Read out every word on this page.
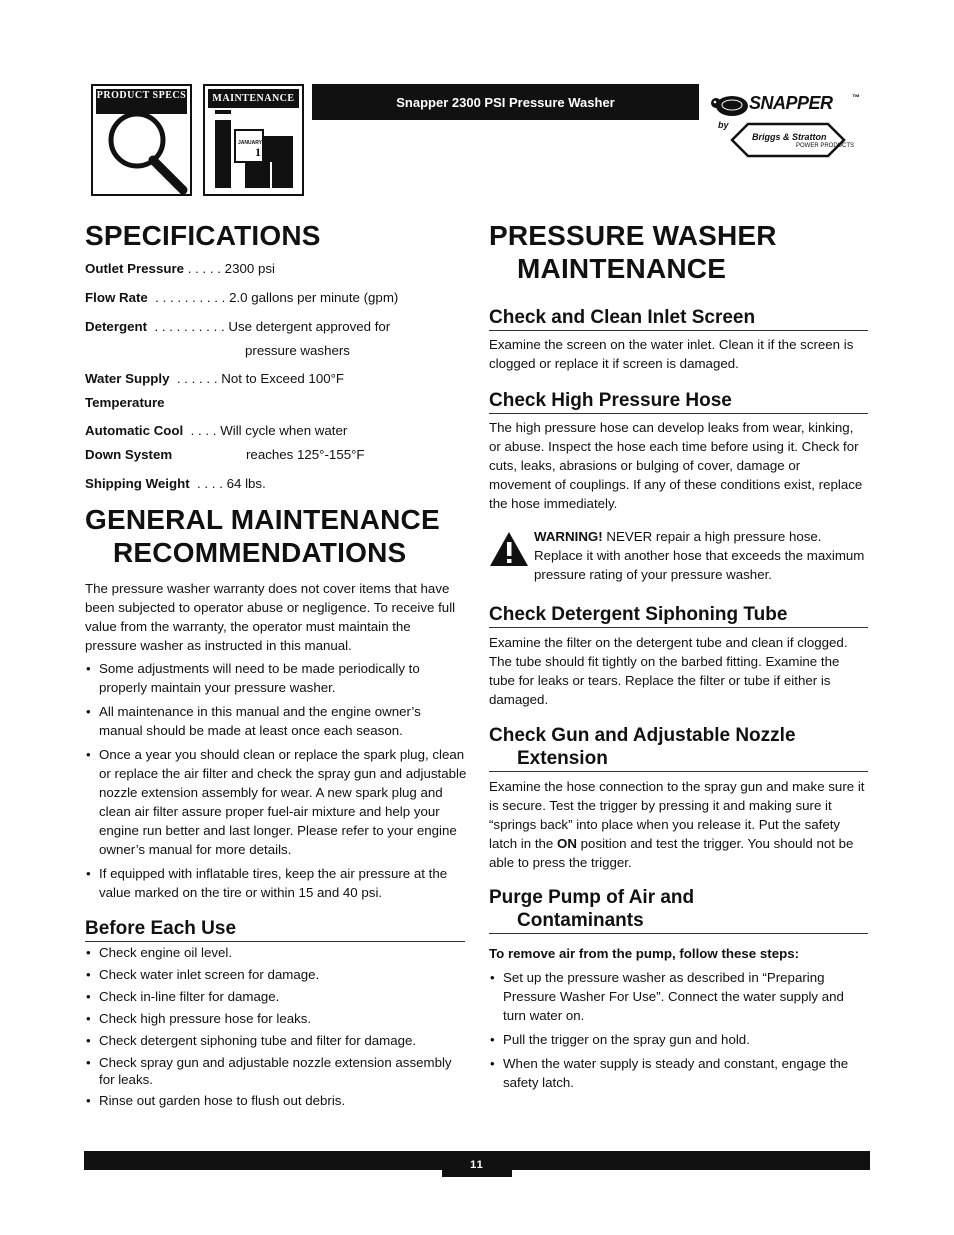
PRODUCT SPECS	MAINTENANCE
JANUARY
1
Snapper 2300 PSI Pressure Washer	SNAPPER ™
by
Briggs & Stratton
POWER PRODUCTS
SPECIFICATIONS
Outlet Pressure . . . . . 2300 psi
Flow Rate  . . . . . . . . . . 2.0 gallons per minute (gpm)
Detergent  . . . . . . . . . . Use detergent approved for
pressure washers
Water Supply  . . . . . . Not to Exceed 100°F
Temperature
Automatic Cool  . . . . Will cycle when water
Down System	reaches 125°-155°F
Shipping Weight  . . . . 64 lbs.
GENERAL MAINTENANCE
RECOMMENDATIONS

The pressure washer warranty does not cover items that have been subjected to operator abuse or negligence. To receive full value from the warranty, the operator must maintain the pressure washer as instructed in this manual.

• Some adjustments will need to be made periodically to properly maintain your pressure washer.
• All maintenance in this manual and the engine owner’s manual should be made at least once each season.
• Once a year you should clean or replace the spark plug, clean or replace the air filter and check the spray gun and adjustable nozzle extension assembly for wear. A new spark plug and clean air filter assure proper fuel-air mixture and help your engine run better and last longer. Please refer to your engine owner’s manual for more details.
• If equipped with inflatable tires, keep the air pressure at the value marked on the tire or within 15 and 40 psi.
Before Each Use
• Check engine oil level.
• Check water inlet screen for damage.
• Check in-line filter for damage.
• Check high pressure hose for leaks.
• Check detergent siphoning tube and filter for damage.
• Check spray gun and adjustable nozzle extension assembly for leaks.
• Rinse out garden hose to flush out debris.
PRESSURE WASHER
MAINTENANCE
Check and Clean Inlet Screen

Examine the screen on the water inlet. Clean it if the screen is clogged or replace it if screen is damaged.

Check High Pressure Hose

The high pressure hose can develop leaks from wear, kinking, or abuse. Inspect the hose each time before using it. Check for cuts, leaks, abrasions or bulging of cover, damage or movement of couplings. If any of these conditions exist, replace the hose immediately.

WARNING! NEVER repair a high pressure hose. Replace it with another hose that exceeds the maximum pressure rating of your pressure washer.

Check Detergent Siphoning Tube

Examine the filter on the detergent tube and clean if clogged. The tube should fit tightly on the barbed fitting. Examine the tube for leaks or tears. Replace the filter or tube if either is damaged.

Check Gun and Adjustable Nozzle
Extension

Examine the hose connection to the spray gun and make sure it is secure. Test the trigger by pressing it and making sure it “springs back” into place when you release it. Put the safety latch in the ON position and test the trigger. You should not be able to press the trigger.

Purge Pump of Air and
Contaminants

To remove air from the pump, follow these steps:

• Set up the pressure washer as described in “Preparing Pressure Washer For Use”. Connect the water supply and turn water on.
• Pull the trigger on the spray gun and hold.
• When the water supply is steady and constant, engage the safety latch.
11
